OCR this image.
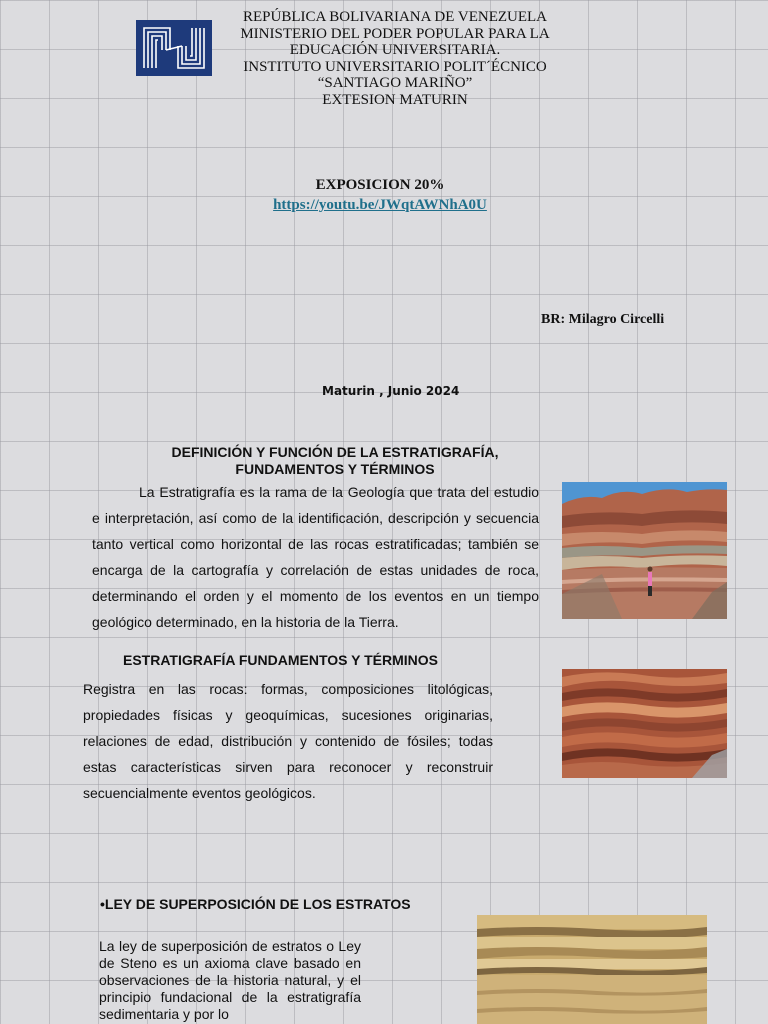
REPÚBLICA BOLIVARIANA DE VENEZUELA
MINISTERIO DEL PODER POPULAR PARA LA
EDUCACIÓN UNIVERSITARIA.
INSTITUTO UNIVERSITARIO POLIT´ÉCNICO
“SANTIAGO MARIÑO”
EXTESION MATURIN
EXPOSICION 20%
https://youtu.be/JWqtAWNhA0U
BR: Milagro Circelli
Maturin , Junio 2024
DEFINICIÓN Y FUNCIÓN DE LA ESTRATIGRAFÍA,
FUNDAMENTOS Y TÉRMINOS
La Estratigrafía es la rama de la Geología que trata del estudio e interpretación, así como de la identificación, descripción y secuencia tanto vertical como horizontal de las rocas estratificadas; también se encarga de la cartografía y correlación de estas unidades de roca, determinando el orden y el momento de los eventos en un tiempo geológico determinado, en la historia de la Tierra.
ESTRATIGRAFÍA FUNDAMENTOS Y TÉRMINOS
Registra en las rocas: formas, composiciones litológicas, propiedades físicas y geoquímicas, sucesiones originarias, relaciones de edad, distribución y contenido de fósiles; todas estas características sirven para reconocer y reconstruir secuencialmente eventos geológicos.
•LEY DE SUPERPOSICIÓN DE LOS ESTRATOS
La ley de superposición de estratos o Ley de Steno es un axioma clave basado en observaciones de la historia natural, y el principio fundacional de la estratigrafía sedimentaria y por lo
